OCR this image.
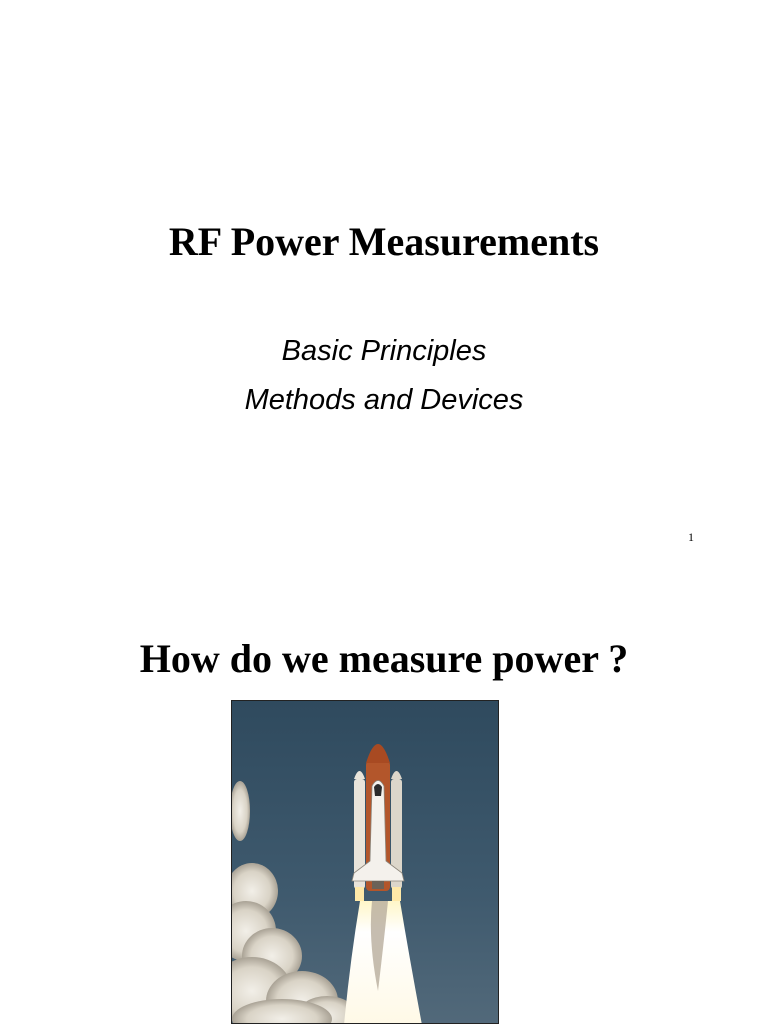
RF Power Measurements

Basic Principles

Methods and Devices

1
How do we measure power ?
